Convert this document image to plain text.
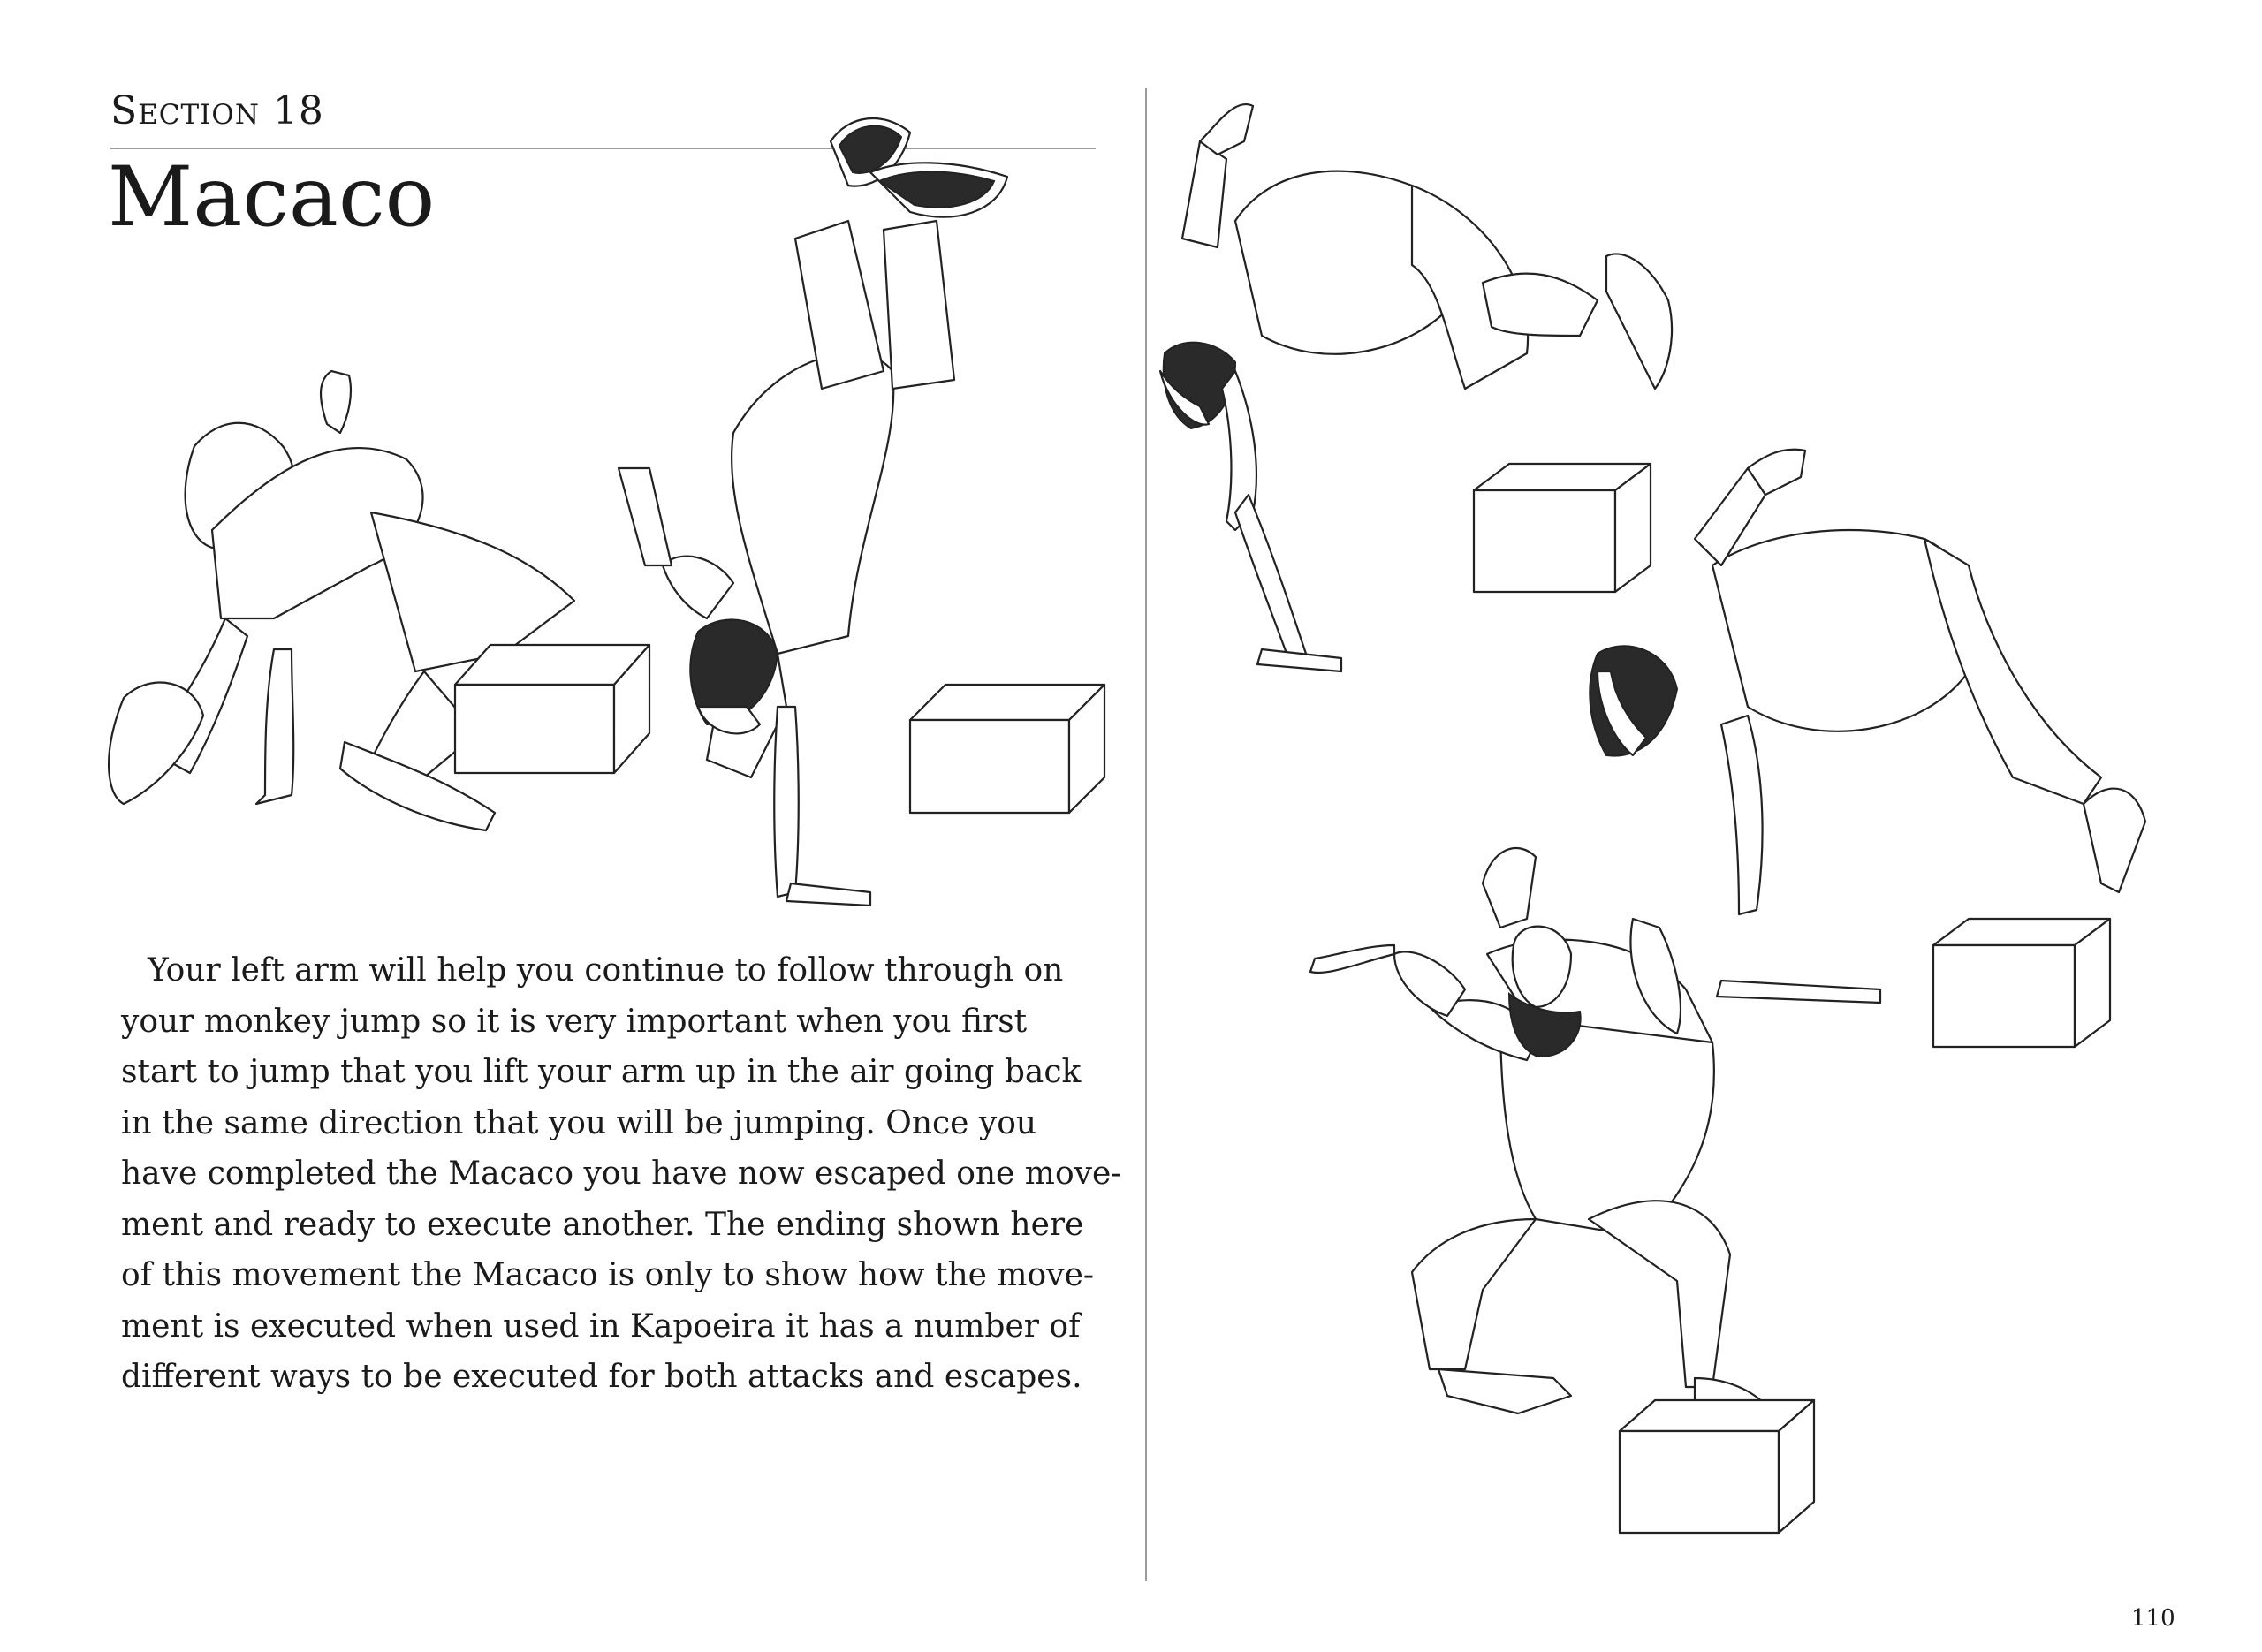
Section 18
Macaco

Your left arm will help you continue to follow through on
your monkey jump so it is very important when you first
start to jump that you lift your arm up in the air going back
in the same direction that you will be jumping. Once you
have completed the Macaco you have now escaped one move-
ment and ready to execute another. The ending shown here
of this movement the Macaco is only to show how the move-
ment is executed when used in Kapoeira it has a number of
different ways to be executed for both attacks and escapes.

110
